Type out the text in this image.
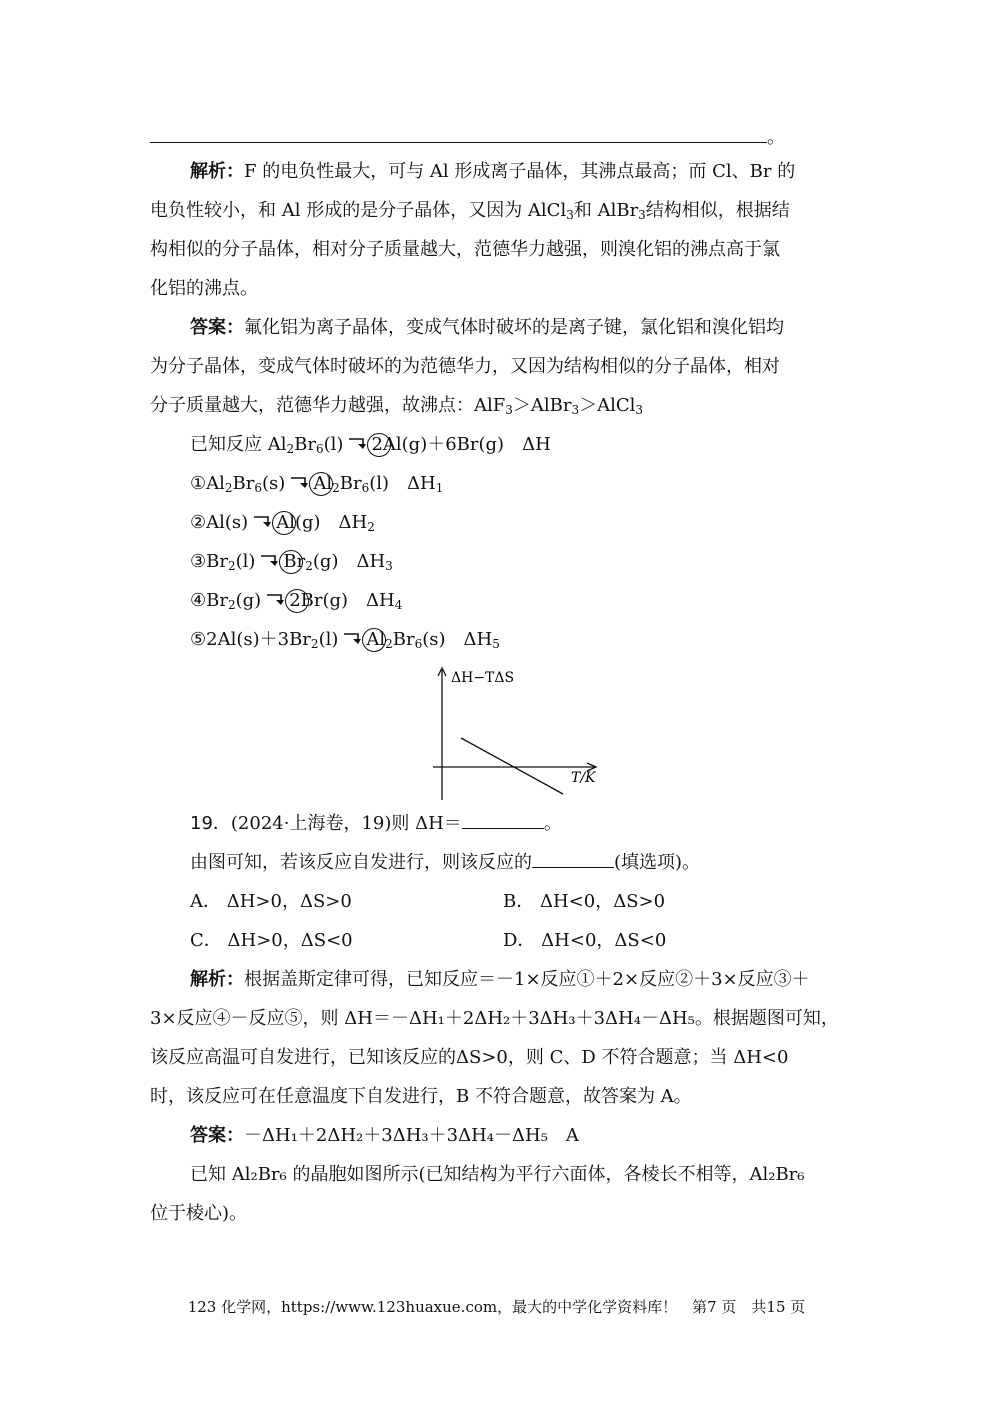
。
解析：F 的电负性最大，可与 Al 形成离子晶体，其沸点最高；而 Cl、Br 的
电负性较小，和 Al 形成的是分子晶体，又因为 AlCl$_3$和 AlBr$_3$结构相似，根据结
构相似的分子晶体，相对分子质量越大，范德华力越强，则溴化铝的沸点高于氯
化铝的沸点。
答案：氟化铝为离子晶体，变成气体时破坏的是离子键，氯化铝和溴化铝均
为分子晶体，变成气体时破坏的为范德华力，又因为结构相似的分子晶体，相对
分子质量越大，范德华力越强，故沸点：AlF$_3$＞AlBr$_3$＞AlCl$_3$
已知反应 $Al_2Br_6(l) \to 2Al(g)+6Br(g)$　ΔH
$①Al_2Br_6(s) \to Al_2Br_6(l)$　$\Delta H_1$
②Al(s) → Al(g)　$\Delta H_2$
$③Br_2(l) \to Br_2(g)$　$\Delta H_3$
$④Br_2(g) \to 2Br(g)$　$\Delta H_4$
$⑤2Al(s)+3Br_2(l) \to Al_2Br_6(s)$　$\Delta H_5$
ΔH−TΔS
T/K
19．(2024·上海卷，19)则 ΔH＝	。
由图可知，若该反应自发进行，则该反应的	(填选项)。
A． ΔH>0，ΔS>0	B． ΔH<0，ΔS>0
C． ΔH>0，ΔS<0	D． ΔH<0，ΔS<0
解析：根据盖斯定律可得，已知反应＝－1×反应①＋2×反应②＋3×反应③＋
3×反应④－反应⑤，则 ΔH＝－ΔH₁＋2ΔH₂＋3ΔH₃＋3ΔH₄－ΔH₅。根据题图可知，
该反应高温可自发进行，已知该反应的ΔS>0，则 C、D 不符合题意；当 ΔH<0
时，该反应可在任意温度下自发进行，B 不符合题意，故答案为 A。
答案：－ΔH₁＋2ΔH₂＋3ΔH₃＋3ΔH₄－ΔH₅　A
已知 Al₂Br₆ 的晶胞如图所示(已知结构为平行六面体，各棱长不相等，Al₂Br₆
位于棱心)。
123 化学网，https://www.123huaxue.com，最大的中学化学资料库！　第7 页　共15 页
